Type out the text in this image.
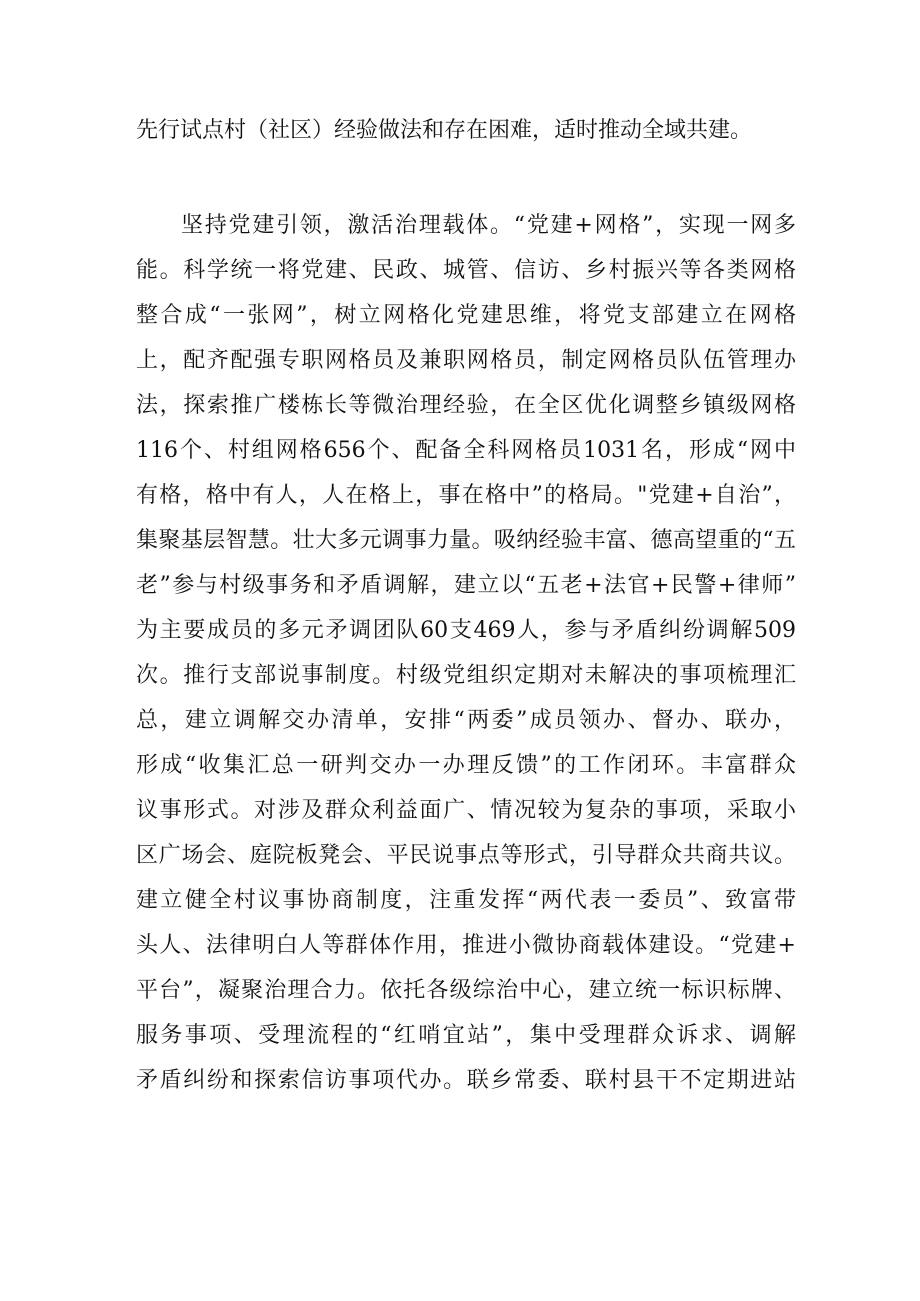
先行试点村（社区）经验做法和存在困难，适时推动全域共建。
坚持党建引领，激活治理载体。“党建+网格”，实现一网多
能。科学统一将党建、民政、城管、信访、乡村振兴等各类网格
整合成“一张网”，树立网格化党建思维，将党支部建立在网格
上，配齐配强专职网格员及兼职网格员，制定网格员队伍管理办
法，探索推广楼栋长等微治理经验，在全区优化调整乡镇级网格
116个、村组网格656个、配备全科网格员1031名，形成“网中
有格，格中有人，人在格上，事在格中”的格局。"党建+自治”，
集聚基层智慧。壮大多元调事力量。吸纳经验丰富、德高望重的“五
老”参与村级事务和矛盾调解，建立以“五老+法官+民警+律师”
为主要成员的多元矛调团队60支469人，参与矛盾纠纷调解509
次。推行支部说事制度。村级党组织定期对未解决的事项梳理汇
总，建立调解交办清单，安排“两委”成员领办、督办、联办，
形成“收集汇总一研判交办一办理反馈”的工作闭环。丰富群众
议事形式。对涉及群众利益面广、情况较为复杂的事项，采取小
区广场会、庭院板凳会、平民说事点等形式，引导群众共商共议。
建立健全村议事协商制度，注重发挥“两代表一委员”、致富带
头人、法律明白人等群体作用，推进小微协商载体建设。“党建+
平台”，凝聚治理合力。依托各级综治中心，建立统一标识标牌、
服务事项、受理流程的“红哨宜站”，集中受理群众诉求、调解
矛盾纠纷和探索信访事项代办。联乡常委、联村县干不定期进站
